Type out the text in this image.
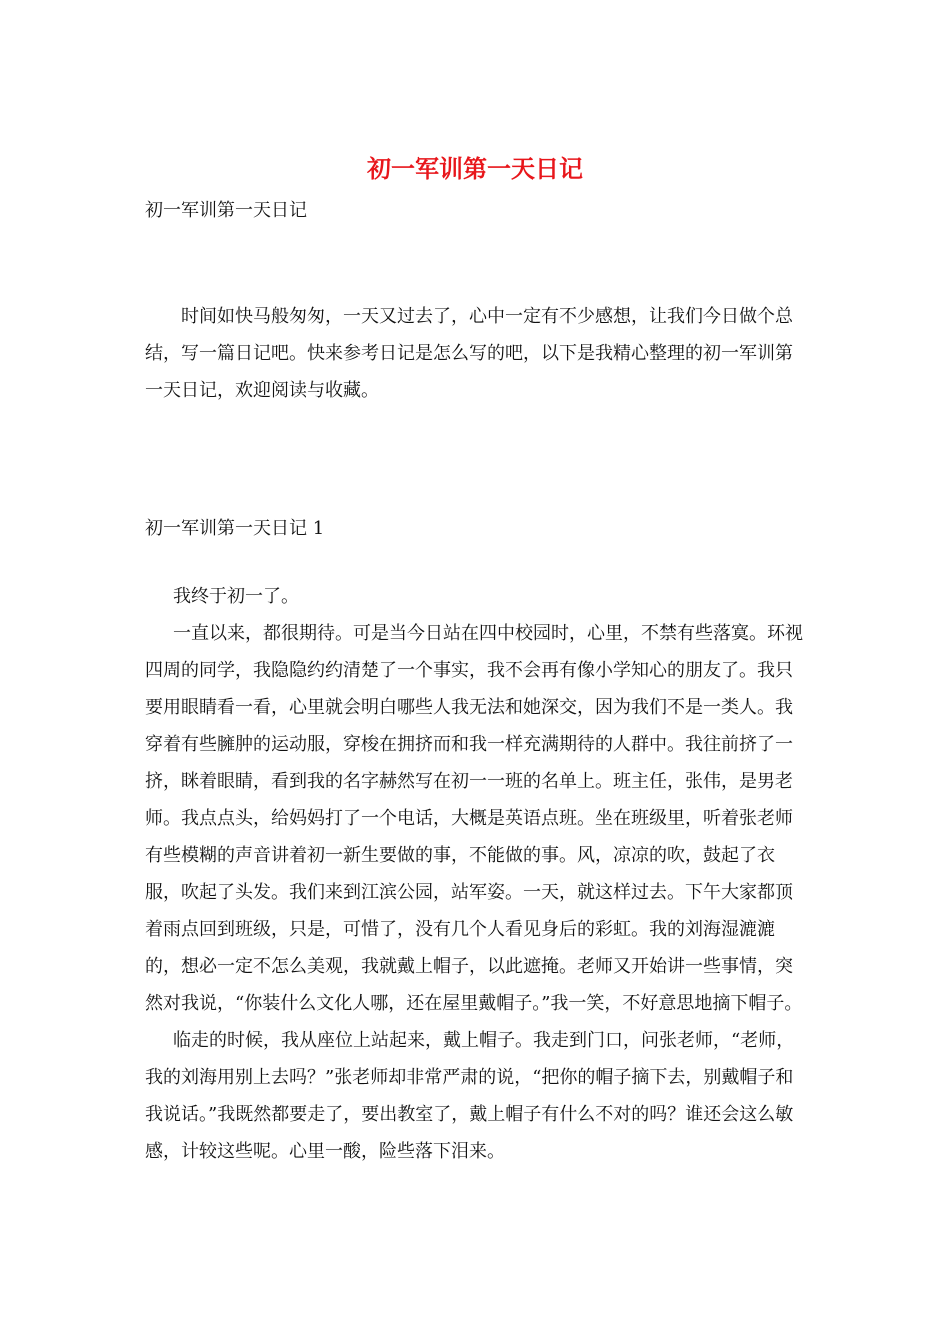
初一军训第一天日记

初一军训第一天日记

时间如快马般匆匆，一天又过去了，心中一定有不少感想，让我们今日做个总结，写一篇日记吧。快来参考日记是怎么写的吧，以下是我精心整理的初一军训第一天日记，欢迎阅读与收藏。

初一军训第一天日记 1

我终于初一了。

一直以来，都很期待。可是当今日站在四中校园时，心里，不禁有些落寞。环视四周的同学，我隐隐约约清楚了一个事实，我不会再有像小学知心的朋友了。我只要用眼睛看一看，心里就会明白哪些人我无法和她深交，因为我们不是一类人。我穿着有些臃肿的运动服，穿梭在拥挤而和我一样充满期待的人群中。我往前挤了一挤，眯着眼睛，看到我的名字赫然写在初一一班的名单上。班主任，张伟，是男老师。我点点头，给妈妈打了一个电话，大概是英语点班。坐在班级里，听着张老师有些模糊的声音讲着初一新生要做的事，不能做的事。风，凉凉的吹，鼓起了衣服，吹起了头发。我们来到江滨公园，站军姿。一天，就这样过去。下午大家都顶着雨点回到班级，只是，可惜了，没有几个人看见身后的彩虹。我的刘海湿漉漉的，想必一定不怎么美观，我就戴上帽子，以此遮掩。老师又开始讲一些事情，突然对我说，“你装什么文化人哪，还在屋里戴帽子。”我一笑，不好意思地摘下帽子。

临走的时候，我从座位上站起来，戴上帽子。我走到门口，问张老师，“老师，我的刘海用别上去吗？”张老师却非常严肃的说，“把你的帽子摘下去，别戴帽子和我说话。”我既然都要走了，要出教室了，戴上帽子有什么不对的吗？谁还会这么敏感，计较这些呢。心里一酸，险些落下泪来。
